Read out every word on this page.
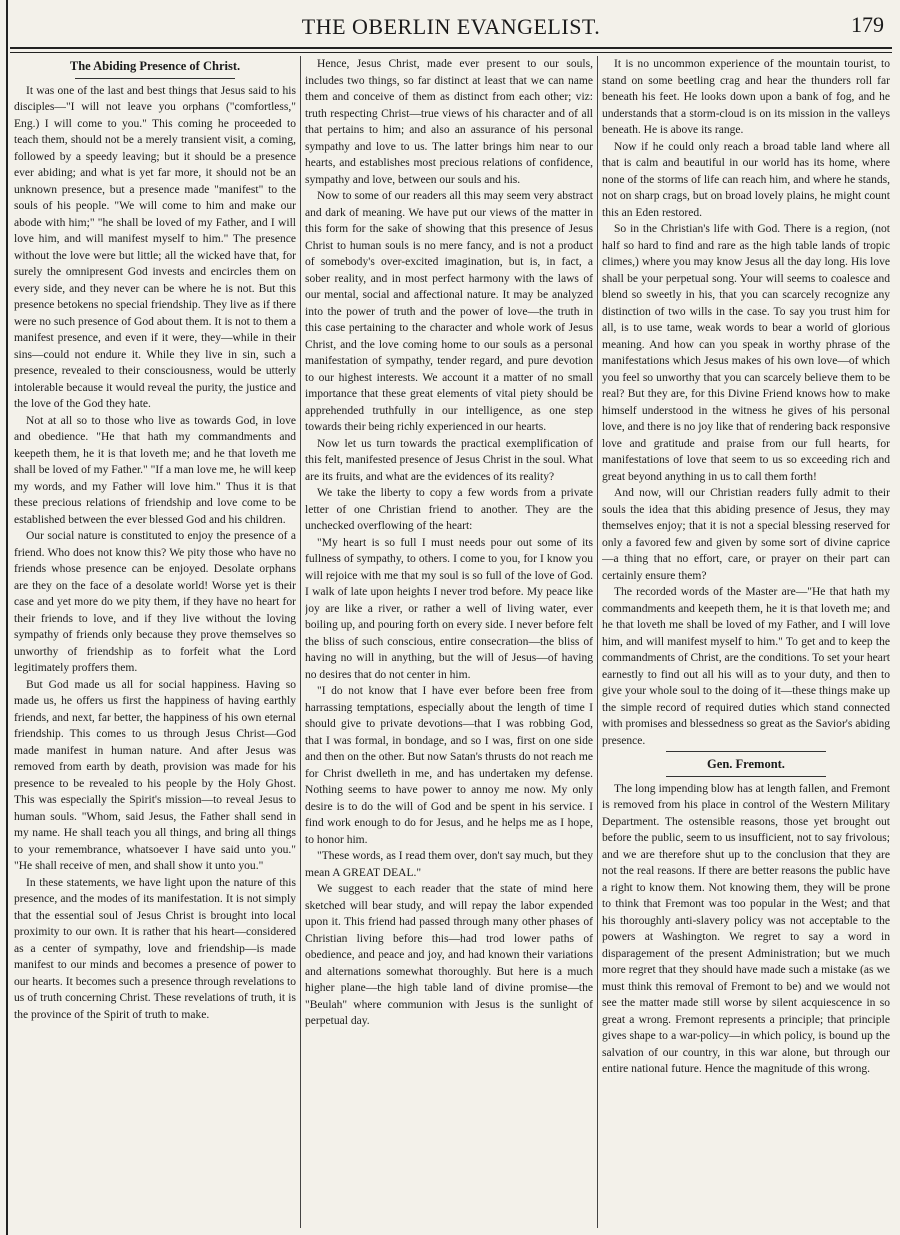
THE OBERLIN EVANGELIST.	179
The Abiding Presence of Christ.

It was one of the last and best things that Jesus said to his disciples—"I will not leave you orphans ("comfortless," Eng.) I will come to you." This coming he proceeded to teach them, should not be a merely transient visit, a coming, followed by a speedy leaving; but it should be a presence ever abiding; and what is yet far more, it should not be an unknown presence, but a presence made "manifest" to the souls of his people. "We will come to him and make our abode with him;" "he shall be loved of my Father, and I will love him, and will manifest myself to him." The presence without the love were but little; all the wicked have that, for surely the omnipresent God invests and encircles them on every side, and they never can be where he is not. But this presence betokens no special friendship. They live as if there were no such presence of God about them. It is not to them a manifest presence, and even if it were, they—while in their sins—could not endure it. While they live in sin, such a presence, revealed to their consciousness, would be utterly intolerable because it would reveal the purity, the justice and the love of the God they hate.

Not at all so to those who live as towards God, in love and obedience. "He that hath my commandments and keepeth them, he it is that loveth me; and he that loveth me shall be loved of my Father." "If a man love me, he will keep my words, and my Father will love him." Thus it is that these precious relations of friendship and love come to be established between the ever blessed God and his children.

Our social nature is constituted to enjoy the presence of a friend. Who does not know this? We pity those who have no friends whose presence can be enjoyed. Desolate orphans are they on the face of a desolate world! Worse yet is their case and yet more do we pity them, if they have no heart for their friends to love, and if they live without the loving sympathy of friends only because they prove themselves so unworthy of friendship as to forfeit what the Lord legitimately proffers them.

But God made us all for social happiness. Having so made us, he offers us first the happiness of having earthly friends, and next, far better, the happiness of his own eternal friendship. This comes to us through Jesus Christ—God made manifest in human nature. And after Jesus was removed from earth by death, provision was made for his presence to be revealed to his people by the Holy Ghost. This was especially the Spirit's mission—to reveal Jesus to human souls. "Whom, said Jesus, the Father shall send in my name. He shall teach you all things, and bring all things to your remembrance, whatsoever I have said unto you." "He shall receive of men, and shall show it unto you."

In these statements, we have light upon the nature of this presence, and the modes of its manifestation. It is not simply that the essential soul of Jesus Christ is brought into local proximity to our own. It is rather that his heart—considered as a center of sympathy, love and friendship—is made manifest to our minds and becomes a presence of power to our hearts. It becomes such a presence through revelations to us of truth concerning Christ. These revelations of truth, it is the province of the Spirit of truth to make.

Hence, Jesus Christ, made ever present to our souls, includes two things, so far distinct at least that we can name them and conceive of them as distinct from each other; viz: truth respecting Christ—true views of his character and of all that pertains to him; and also an assurance of his personal sympathy and love to us. The latter brings him near to our hearts, and establishes most precious relations of confidence, sympathy and love, between our souls and his.

Now to some of our readers all this may seem very abstract and dark of meaning. We have put our views of the matter in this form for the sake of showing that this presence of Jesus Christ to human souls is no mere fancy, and is not a product of somebody's over-excited imagination, but is, in fact, a sober reality, and in most perfect harmony with the laws of our mental, social and affectional nature. It may be analyzed into the power of truth and the power of love—the truth in this case pertaining to the character and whole work of Jesus Christ, and the love coming home to our souls as a personal manifestation of sympathy, tender regard, and pure devotion to our highest interests. We account it a matter of no small importance that these great elements of vital piety should be apprehended truthfully in our intelligence, as one step towards their being richly experienced in our hearts.

Now let us turn towards the practical exemplification of this felt, manifested presence of Jesus Christ in the soul. What are its fruits, and what are the evidences of its reality?

We take the liberty to copy a few words from a private letter of one Christian friend to another. They are the unchecked overflowing of the heart:

"My heart is so full I must needs pour out some of its fullness of sympathy, to others. I come to you, for I know you will rejoice with me that my soul is so full of the love of God. I walk of late upon heights I never trod before. My peace like joy are like a river, or rather a well of living water, ever boiling up, and pouring forth on every side. I never before felt the bliss of such conscious, entire consecration—the bliss of having no will in anything, but the will of Jesus—of having no desires that do not center in him.

"I do not know that I have ever before been free from harrassing temptations, especially about the length of time I should give to private devotions—that I was robbing God, that I was formal, in bondage, and so I was, first on one side and then on the other. But now Satan's thrusts do not reach me for Christ dwelleth in me, and has undertaken my defense. Nothing seems to have power to annoy me now. My only desire is to do the will of God and be spent in his service. I find work enough to do for Jesus, and he helps me as I hope, to honor him.

"These words, as I read them over, don't say much, but they mean A GREAT DEAL."

We suggest to each reader that the state of mind here sketched will bear study, and will repay the labor expended upon it. This friend had passed through many other phases of Christian living before this—had trod lower paths of obedience, and peace and joy, and had known their variations and alternations somewhat thoroughly. But here is a much higher plane—the high table land of divine promise—the "Beulah" where communion with Jesus is the sunlight of perpetual day.

It is no uncommon experience of the mountain tourist, to stand on some beetling crag and hear the thunders roll far beneath his feet. He looks down upon a bank of fog, and he understands that a storm-cloud is on its mission in the valleys beneath. He is above its range.

Now if he could only reach a broad table land where all that is calm and beautiful in our world has its home, where none of the storms of life can reach him, and where he stands, not on sharp crags, but on broad lovely plains, he might count this an Eden restored.

So in the Christian's life with God. There is a region, (not half so hard to find and rare as the high table lands of tropic climes,) where you may know Jesus all the day long. His love shall be your perpetual song. Your will seems to coalesce and blend so sweetly in his, that you can scarcely recognize any distinction of two wills in the case. To say you trust him for all, is to use tame, weak words to bear a world of glorious meaning. And how can you speak in worthy phrase of the manifestations which Jesus makes of his own love—of which you feel so unworthy that you can scarcely believe them to be real? But they are, for this Divine Friend knows how to make himself understood in the witness he gives of his personal love, and there is no joy like that of rendering back responsive love and gratitude and praise from our full hearts, for manifestations of love that seem to us so exceeding rich and great beyond anything in us to call them forth!

And now, will our Christian readers fully admit to their souls the idea that this abiding presence of Jesus, they may themselves enjoy; that it is not a special blessing reserved for only a favored few and given by some sort of divine caprice—a thing that no effort, care, or prayer on their part can certainly ensure them?

The recorded words of the Master are—"He that hath my commandments and keepeth them, he it is that loveth me; and he that loveth me shall be loved of my Father, and I will love him, and will manifest myself to him." To get and to keep the commandments of Christ, are the conditions. To set your heart earnestly to find out all his will as to your duty, and then to give your whole soul to the doing of it—these things make up the simple record of required duties which stand connected with promises and blessedness so great as the Savior's abiding presence.

Gen. Fremont.

The long impending blow has at length fallen, and Fremont is removed from his place in control of the Western Military Department. The ostensible reasons, those yet brought out before the public, seem to us insufficient, not to say frivolous; and we are therefore shut up to the conclusion that they are not the real reasons. If there are better reasons the public have a right to know them. Not knowing them, they will be prone to think that Fremont was too popular in the West; and that his thoroughly anti-slavery policy was not acceptable to the powers at Washington. We regret to say a word in disparagement of the present Administration; but we much more regret that they should have made such a mistake (as we must think this removal of Fremont to be) and we would not see the matter made still worse by silent acquiescence in so great a wrong. Fremont represents a principle; that principle gives shape to a war-policy—in which policy, is bound up the salvation of our country, in this war alone, but through our entire national future. Hence the magnitude of this wrong.
